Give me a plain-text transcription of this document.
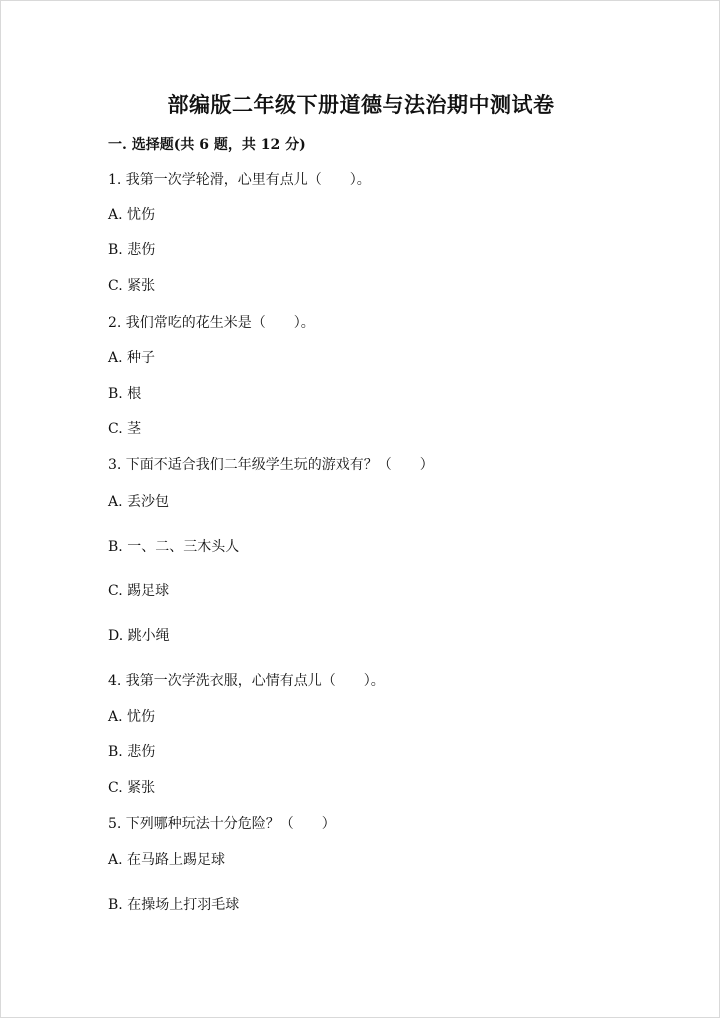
部编版二年级下册道德与法治期中测试卷
一. 选择题(共 6 题，共 12 分)
1. 我第一次学轮滑，心里有点儿（　　）。
A. 忧伤
B. 悲伤
C. 紧张
2. 我们常吃的花生米是（　　）。
A. 种子
B. 根
C. 茎
3. 下面不适合我们二年级学生玩的游戏有？（　　）
A. 丢沙包
B. 一、二、三木头人
C. 踢足球
D. 跳小绳
4. 我第一次学洗衣服，心情有点儿（　　）。
A. 忧伤
B. 悲伤
C. 紧张
5. 下列哪种玩法十分危险？（　　）
A. 在马路上踢足球
B. 在操场上打羽毛球
